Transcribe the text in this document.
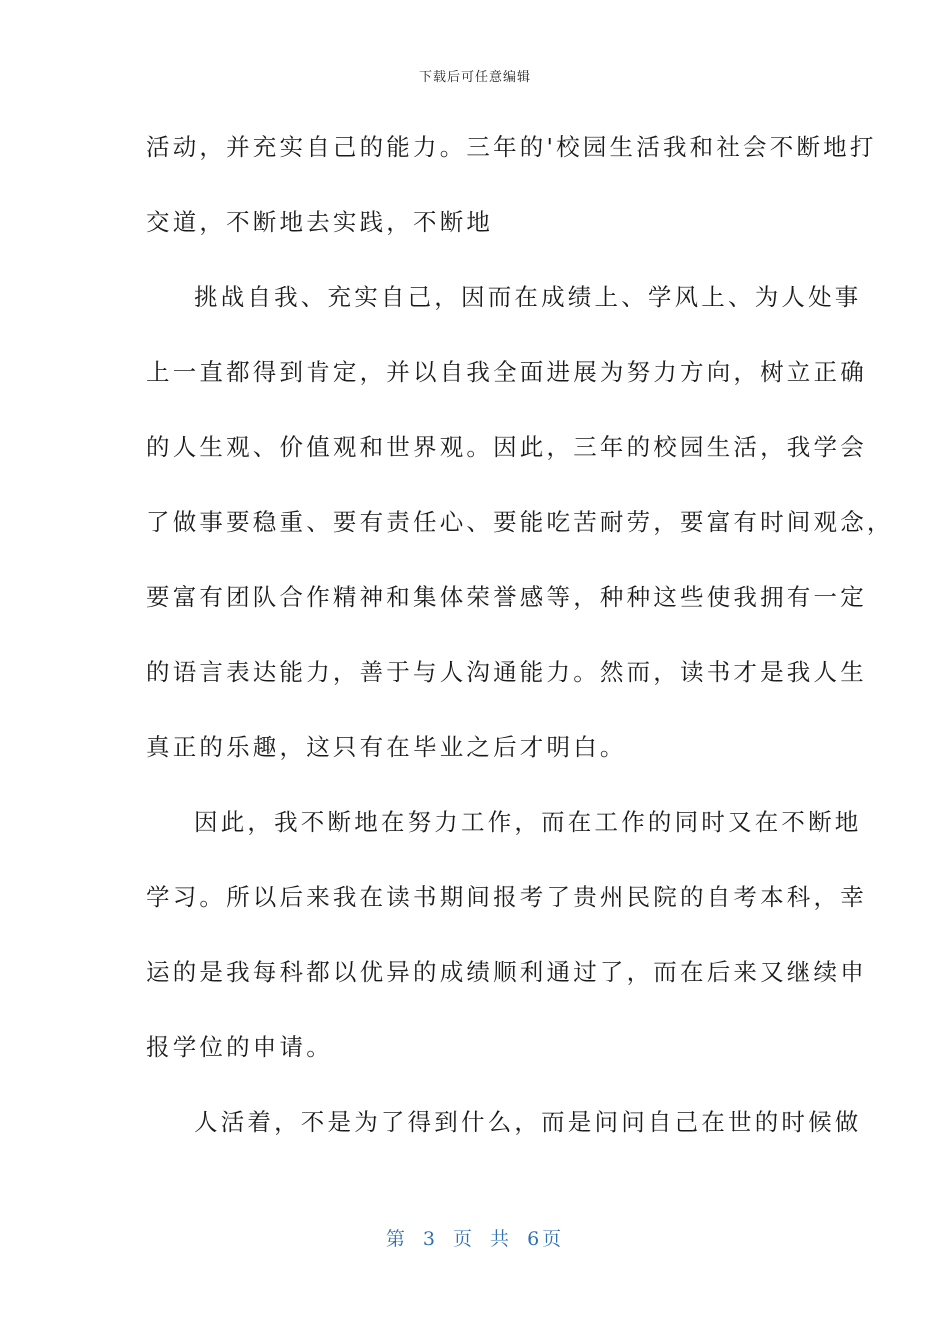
下载后可任意编辑
活动，并充实自己的能力。三年的'校园生活我和社会不断地打
交道，不断地去实践，不断地
挑战自我、充实自己，因而在成绩上、学风上、为人处事
上一直都得到肯定，并以自我全面进展为努力方向，树立正确
的人生观、价值观和世界观。因此，三年的校园生活，我学会
了做事要稳重、要有责任心、要能吃苦耐劳，要富有时间观念，
要富有团队合作精神和集体荣誉感等，种种这些使我拥有一定
的语言表达能力，善于与人沟通能力。然而，读书才是我人生
真正的乐趣，这只有在毕业之后才明白。
因此，我不断地在努力工作，而在工作的同时又在不断地
学习。所以后来我在读书期间报考了贵州民院的自考本科，幸
运的是我每科都以优异的成绩顺利通过了，而在后来又继续申
报学位的申请。
人活着，不是为了得到什么，而是问问自己在世的时候做
第 3 页 共 6页
